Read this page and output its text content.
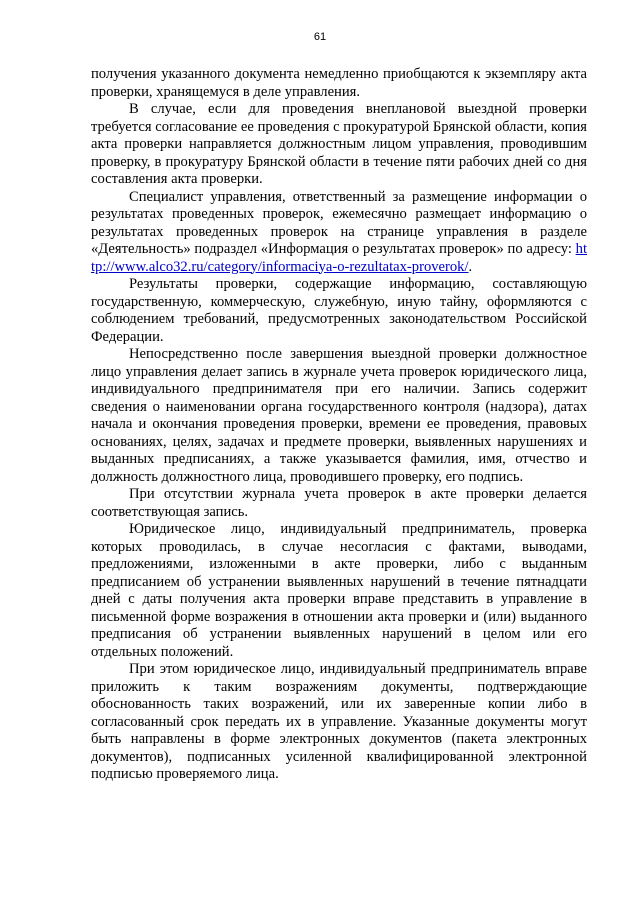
61

получения указанного документа немедленно приобщаются к экземпляру акта проверки, хранящемуся в деле управления.

В случае, если для проведения внеплановой выездной проверки требуется согласование ее проведения с прокуратурой Брянской области, копия акта проверки направляется должностным лицом управления, проводившим проверку, в прокуратуру Брянской области в течение пяти рабочих дней со дня составления акта проверки.

Специалист управления, ответственный за размещение информации о результатах проведенных проверок, ежемесячно размещает информацию о результатах проведенных проверок на странице управления в разделе «Деятельность» подраздел «Информация о результатах проверок» по адресу: http://www.alco32.ru/category/informaciya-o-rezultatax-proverok/.

Результаты проверки, содержащие информацию, составляющую государственную, коммерческую, служебную, иную тайну, оформляются с соблюдением требований, предусмотренных законодательством Российской Федерации.

Непосредственно после завершения выездной проверки должностное лицо управления делает запись в журнале учета проверок юридического лица, индивидуального предпринимателя при его наличии. Запись содержит сведения о наименовании органа государственного контроля (надзора), датах начала и окончания проведения проверки, времени ее проведения, правовых основаниях, целях, задачах и предмете проверки, выявленных нарушениях и выданных предписаниях, а также указывается фамилия, имя, отчество и должность должностного лица, проводившего проверку, его подпись.

При отсутствии журнала учета проверок в акте проверки делается соответствующая запись.

Юридическое лицо, индивидуальный предприниматель, проверка которых проводилась, в случае несогласия с фактами, выводами, предложениями, изложенными в акте проверки, либо с выданным предписанием об устранении выявленных нарушений в течение пятнадцати дней с даты получения акта проверки вправе представить в управление в письменной форме возражения в отношении акта проверки и (или) выданного предписания об устранении выявленных нарушений в целом или его отдельных положений.

При этом юридическое лицо, индивидуальный предприниматель вправе приложить к таким возражениям документы, подтверждающие обоснованность таких возражений, или их заверенные копии либо в согласованный срок передать их в управление. Указанные документы могут быть направлены в форме электронных документов (пакета электронных документов), подписанных усиленной квалифицированной электронной подписью проверяемого лица.
